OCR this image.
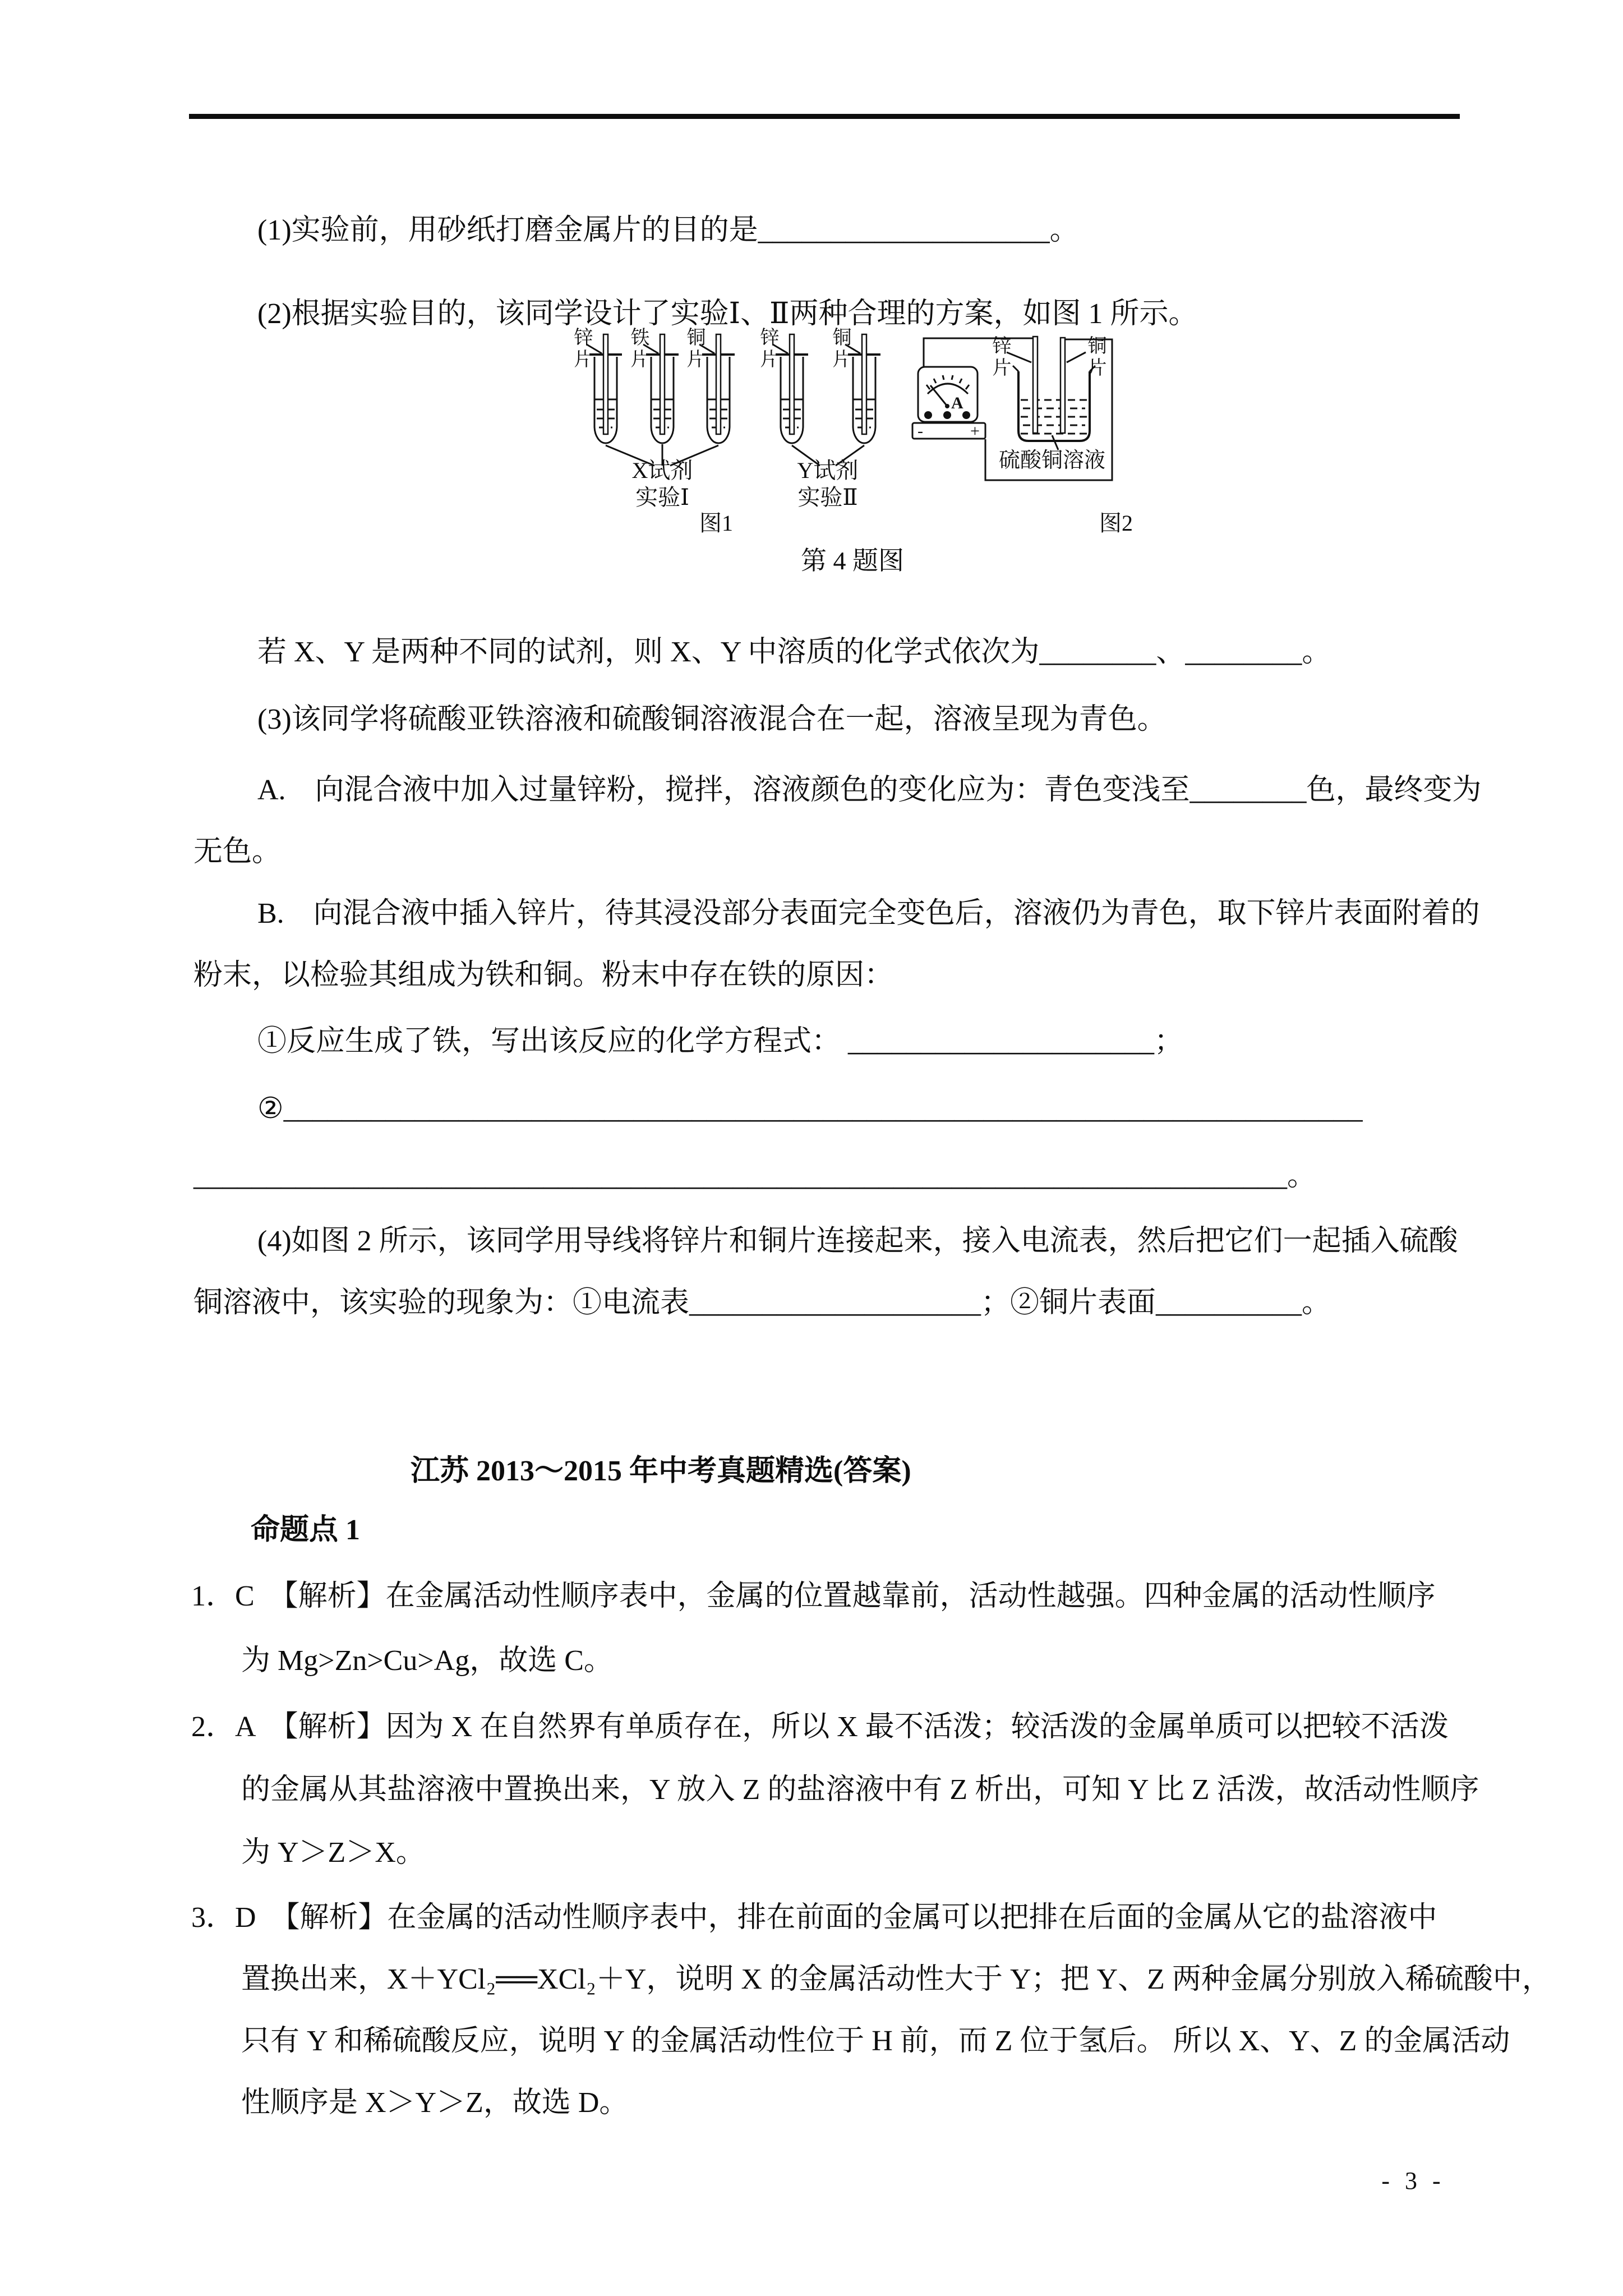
(1)实验前，用砂纸打磨金属片的目的是____________________。
(2)根据实验目的，该同学设计了实验Ⅰ、Ⅱ两种合理的方案，如图 1 所示。
若 X、Y 是两种不同的试剂，则 X、Y 中溶质的化学式依次为________、________。
(3)该同学将硫酸亚铁溶液和硫酸铜溶液混合在一起，溶液呈现为青色。
A.　向混合液中加入过量锌粉，搅拌，溶液颜色的变化应为：青色变浅至________色，最终变为
无色。
B.　向混合液中插入锌片，待其浸没部分表面完全变色后，溶液仍为青色，取下锌片表面附着的
粉末，以检验其组成为铁和铜。粉末中存在铁的原因：
①反应生成了铁，写出该反应的化学方程式： _____________________；
②__________________________________________________________________________
___________________________________________________________________________。
(4)如图 2 所示，该同学用导线将锌片和铜片连接起来，接入电流表，然后把它们一起插入硫酸
铜溶液中，该实验的现象为：①电流表____________________；②铜片表面__________。
A
-	+
锌片 铁片 铜片	锌片	铜片
X试剂
实验Ⅰ
Y试剂
实验Ⅱ
图1	图2
锌片	铜片
硫酸铜溶液
第 4 题图
江苏 2013～2015 年中考真题精选(答案)
命题点 1
1．C　【解析】在金属活动性顺序表中，金属的位置越靠前，活动性越强。四种金属的活动性顺序
为 Mg>Zn>Cu>Ag，故选 C。
2．A　【解析】因为 X 在自然界有单质存在，所以 X 最不活泼；较活泼的金属单质可以把较不活泼
的金属从其盐溶液中置换出来，Y 放入 Z 的盐溶液中有 Z 析出，可知 Y 比 Z 活泼，故活动性顺序
为 Y＞Z＞X。
3．D　【解析】在金属的活动性顺序表中，排在前面的金属可以把排在后面的金属从它的盐溶液中
置换出来，X＋YCl₂══XCl₂＋Y，说明 X 的金属活动性大于 Y；把 Y、Z 两种金属分别放入稀硫酸中，
只有 Y 和稀硫酸反应，说明 Y 的金属活动性位于 H 前，而 Z 位于氢后。 所以 X、Y、Z 的金属活动
性顺序是 X＞Y＞Z，故选 D。
- 3 -
